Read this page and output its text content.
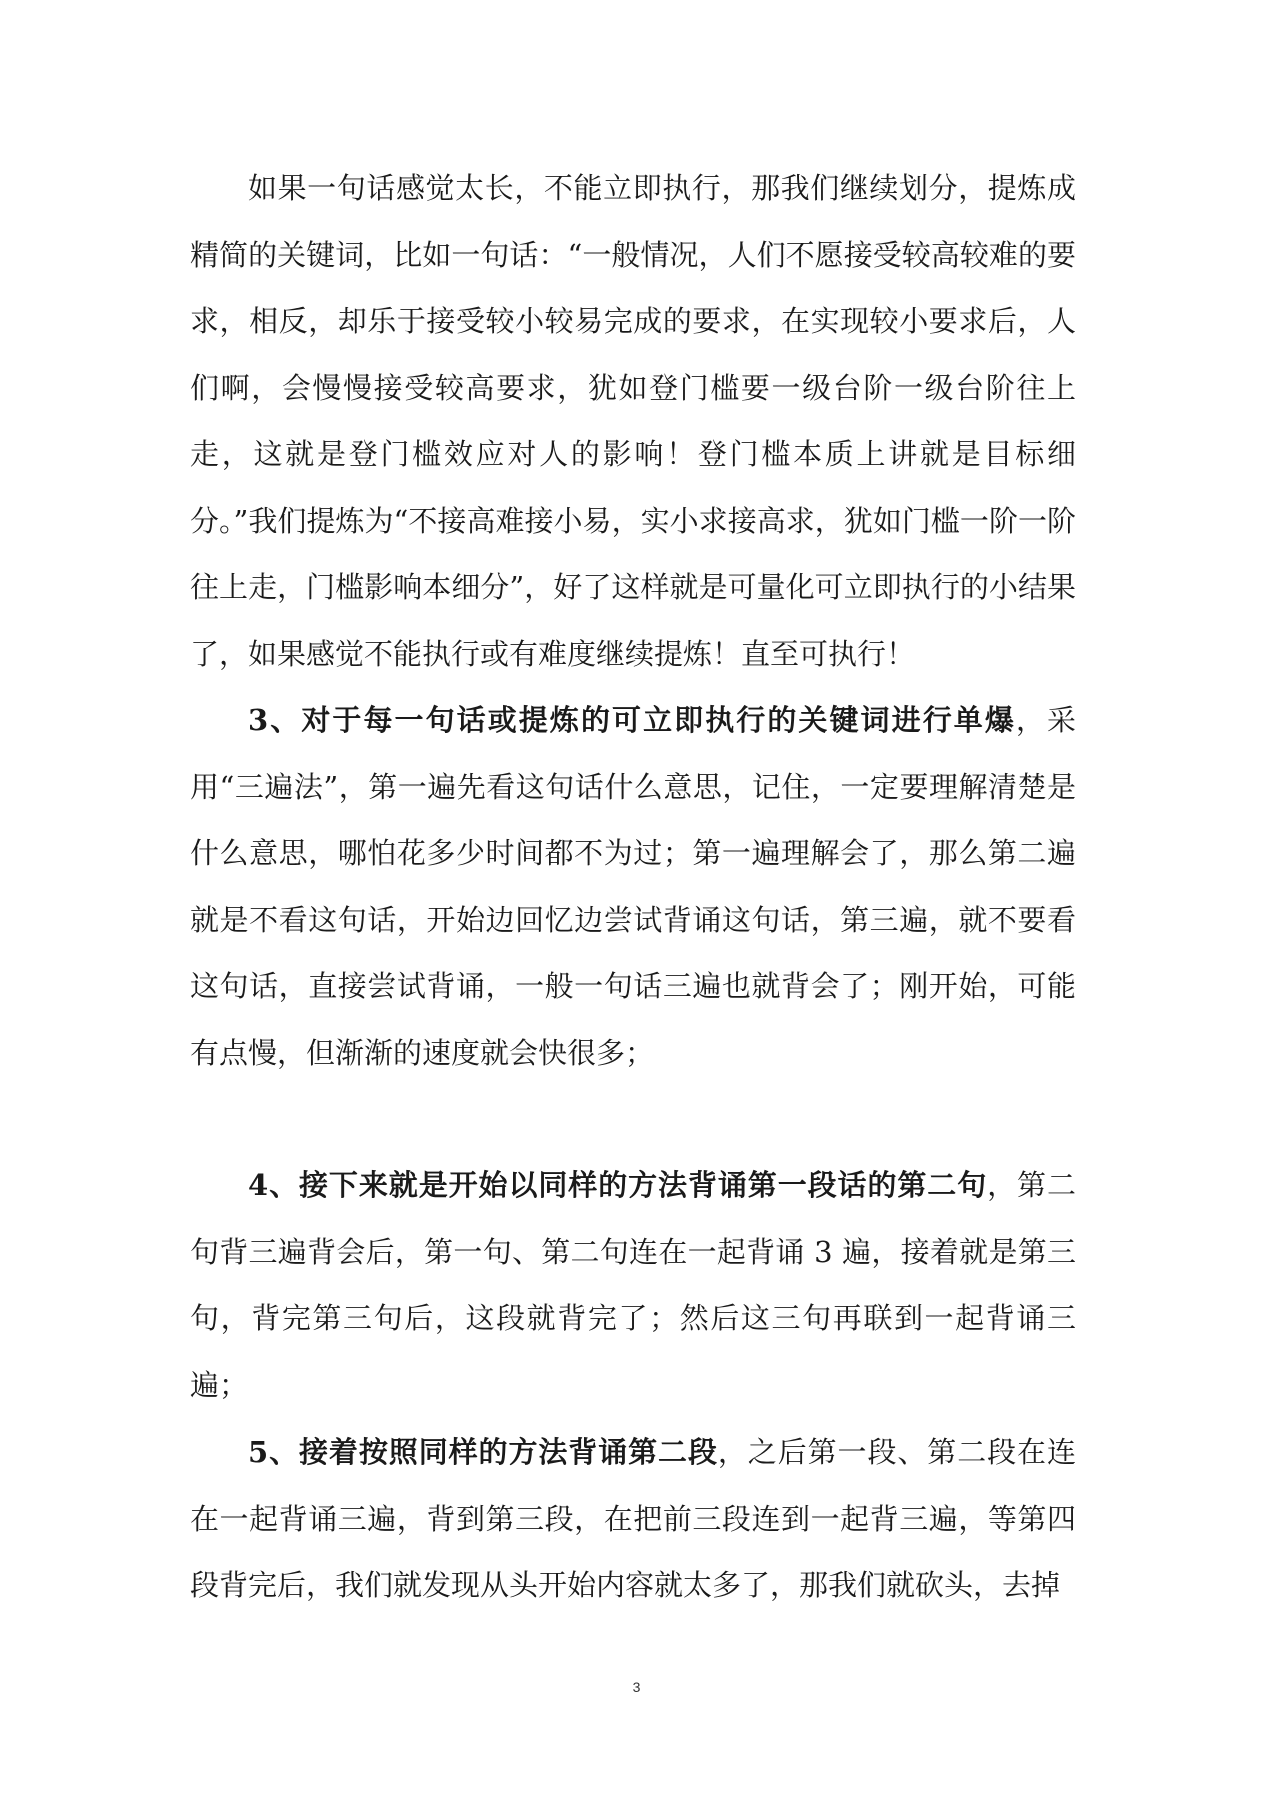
如果一句话感觉太长，不能立即执行，那我们继续划分，提炼成精简的关键词，比如一句话：“一般情况，人们不愿接受较高较难的要求，相反，却乐于接受较小较易完成的要求，在实现较小要求后，人们啊，会慢慢接受较高要求，犹如登门槛要一级台阶一级台阶往上走，这就是登门槛效应对人的影响！登门槛本质上讲就是目标细分。”我们提炼为“不接高难接小易，实小求接高求，犹如门槛一阶一阶往上走，门槛影响本细分”，好了这样就是可量化可立即执行的小结果了，如果感觉不能执行或有难度继续提炼！直至可执行！

3、对于每一句话或提炼的可立即执行的关键词进行单爆，采用“三遍法”，第一遍先看这句话什么意思，记住，一定要理解清楚是什么意思，哪怕花多少时间都不为过；第一遍理解会了，那么第二遍就是不看这句话，开始边回忆边尝试背诵这句话，第三遍，就不要看这句话，直接尝试背诵，一般一句话三遍也就背会了；刚开始，可能有点慢，但渐渐的速度就会快很多；

4、接下来就是开始以同样的方法背诵第一段话的第二句，第二句背三遍背会后，第一句、第二句连在一起背诵 3 遍，接着就是第三句，背完第三句后，这段就背完了；然后这三句再联到一起背诵三遍；

5、接着按照同样的方法背诵第二段，之后第一段、第二段在连在一起背诵三遍，背到第三段，在把前三段连到一起背三遍，等第四段背完后，我们就发现从头开始内容就太多了，那我们就砍头，去掉

3
